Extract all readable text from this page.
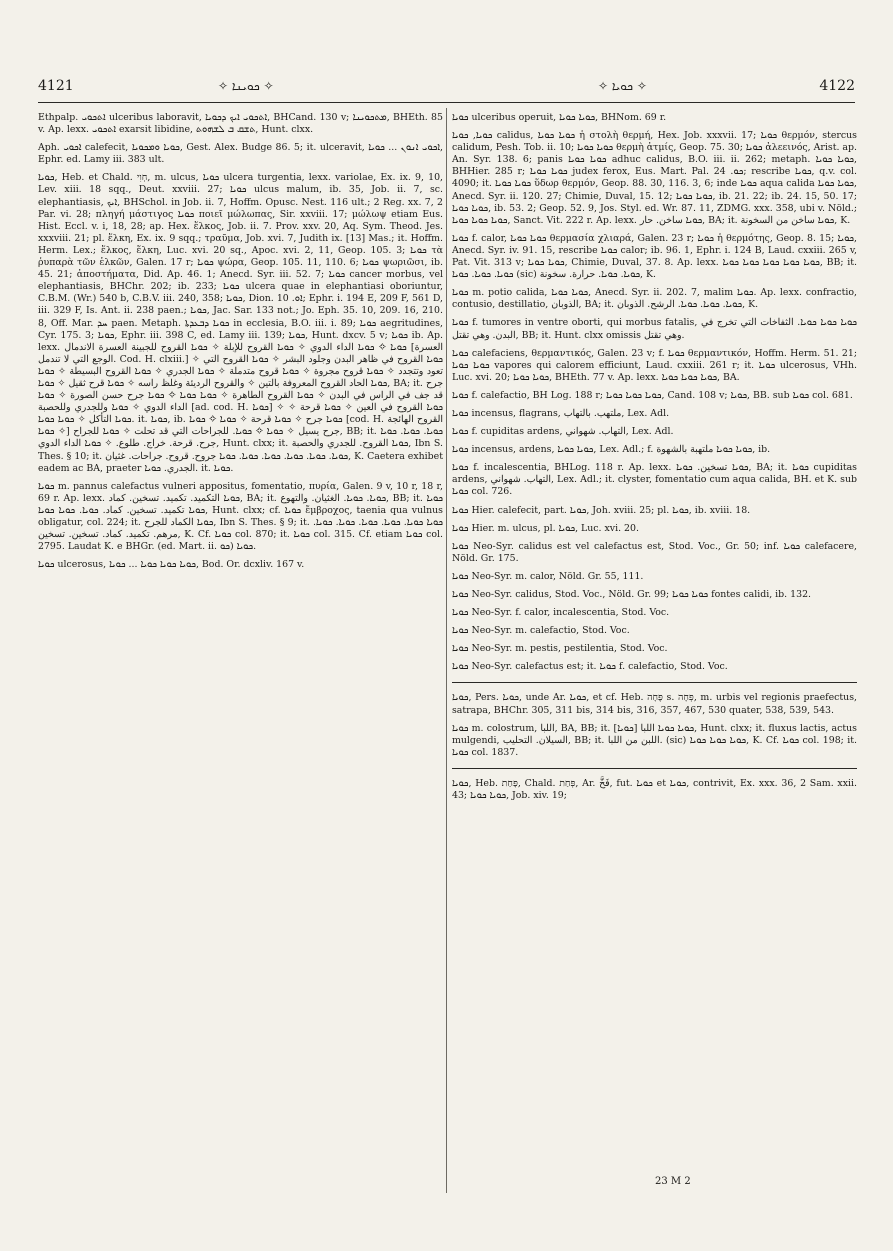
4121	✧ ܟܘܝܢܐ ✧	✧ ܟܘܝܐ ✧	4122

Ethpalp. ܐܬܟܘܝ ulceribus laboravit, ܐܬܟܘܝ ܐܝܟ ܕܟܘܝܐ, BHCand. 130 v; ܡܬܟܘܝܢܐ, BHEth. 85 v. Ap. lexx. ܐܬܟܘܝ exarsit libidine, ܬܫܩ ܒ ܠܫܗܘܬ, Hunt. clxx.

Aph. ܐܟܘܝ calefecit, ܟܘܝܐ ܘܡܟܘܝܐ, Gest. Alex. Budge 86. 5; it. ulceravit, ܐܟܘܝ ܐܢܘܢ ... ܟܘܝܐ, Ephr. ed. Lamy iii. 383 ult.

ܟܘܝܐ, Heb. et Chald. חְוִי, m. ulcus, ܟܘܝܐ ulcera turgentia, lexx. variolae, Ex. ix. 9, 10, Lev. xiii. 18 sqq., Deut. xxviii. 27; ܟܘܝܐ ulcus malum, ib. 35, Job. ii. 7, sc. elephantiasis, ܐܝܟ, BHSchol. in Job. ii. 7, Hoffm. Opusc. Nest. 116 ult.; 2 Reg. xx. 7, 2 Par. vi. 28; πληγή μάστιγος ܟܘܝܐ ποιεῖ μώλωπας, Sir. xxviii. 17; μώλωψ etiam Eus. Hist. Eccl. v. i, 18, 28; ap. Hex. ἕλκος, Job. ii. 7. Prov. xxv. 20, Aq. Sym. Theod. Jes. xxxviii. 21; pl. ἕλκη, Ex. ix. 9 sqq.; τραῦμα, Job. xvi. 7, Judith ix. [13] Mas.; it. Hoffm. Herm. Lex.; ἕλκος, ἕλκη, Luc. xvi. 20 sq., Apoc. xvi. 2, 11, Geop. 105. 3; ܟܘܝܐ τὰ ῥυπαρὰ τῶν ἑλκῶν, Galen. 17 r; ܟܘܝܐ ψώρα, Geop. 105. 11, 110. 6; ܟܘܝܐ ψωριῶσι, ib. 45. 21; ἀποστήματα, Did. Ap. 46. 1; Anecd. Syr. iii. 52. 7; ܟܘܝܐ cancer morbus, vel elephantiasis, BHChr. 202; ib. 233; ܟܘܝܐ ulcera quae in elephantiasi oboriuntur, C.B.M. (Wr.) 540 b, C.B.V. iii. 240, 358; ܟܘܝܐ, Dion. ܐܘ. 10; Ephr. i. 194 E, 209 F, 561 D, iii. 329 F, Is. Ant. ii. 238 paen.; ܟܘܝܐ, Jac. Sar. 133 not.; Jo. Eph. 35. 10, 209. 16, 210. 8, Off. Mar. ܚܕ paen. Metaph. ܟܘܝܐ ܕܒܥܕܬܐ in ecclesia, B.O. iii. i. 89; ܟܘܝܐ aegritudines, Cyr. 175. 3; ܟܘܝܐ, Ephr. iii. 398 C, ed. Lamy iii. 139; ܟܘܝܐ, Hunt. dxcv. 5 v; ܟܘܝܐ ib. Ap. lexx. ܟܘܝܐ ✧ ܟܘܝܐ الداء الدوي ✧ ܟܘܝܐ القروح للإبلة ✧ ܟܘܝܐ القروح للجبينة العسرة الاندمال [العسرة الوجع التي لا تندمل. Cod. H. clxiii.] ✧ ܟܘܝܐ القروح في ظاهر البدن وجلود البشر ✧ ܟܘܝܐ القروح التي تعود وتتجدد ✧ ܟܘܝܐ قروح مجروة ✧ ܟܘܝܐ قروح متدملة ✧ ܟܘܝܐ الجدري ✧ ܟܘܝܐ القروح البسيطة ✧ ܟܘܝܐ ܟܘܝܐ الحاد القروح المعروفة بالتين ✧ والقروح الرديئة وغلظ راسه ✧ ܟܘܝܐ قرح ثقيل ✧ ܟܘܝܐ, BA; it. جرح قد جف في الراس في البدن ✧ ܟܘܝܐ القروح الطاهرة ✧ ܟܘܝܐ ܟܘܝܐ ✧ ܟܘܝܐ جرح حسن الصورة ✧ ܟܘܝܐ الداء الدوي ✧ ܟܘܝܐ وللجدري وللحصبة [ad. cod. H. ܟܘܝܐ] ✧ ܟܘܝܐ القروح في العين ✧ ܟܘܝܐ قرحة ✧ ܟܘܝܐ التأكل ✧ ܟܘܝܐ ܟܘܝܐ. it. ܟܘܝܐ, ib. ܟܘܝܐ جرح ✧ ܟܘܝܐ قرحة ✧ ܟܘܝܐ ✧ ܟܘܝܐ [cod. H. القروح الهائجة ✧ ܟܘܝܐ] جرح يسيل ✧ ܟܘܝܐ ✧ ܟܘܝܐ. للجراحات التي قد تحلت ✧ ܟܘܝܐ للجراح, BB; it. ܟܘܝܐ. ܟܘܝܐ. ܟܘܝܐ جرح. قرحة. خراج. طلوع. ✧ ܟܘܝܐ الداء الدوي, Hunt. clxx; it. ܟܘܝܐ القروح. للجدري والحصبة, Ibn S. Thes. § 10; it. ܟܘܝܐ. ܟܘܝܐ. ܟܘܝܐ. ܟܘܝܐ. ܟܘܝܐ. ܟܘܝܐ جروح. قروح. جراحات. غثيان, K. Caetera exhibet eadem ac BA, praeter الجدري. ܟܘܝܐ. it. ܟܘܝܐ.

ܟܘܝܐ m. pannus calefactus vulneri appositus, fomentatio, πυρία, Galen. 9 v, 10 r, 18 r, 69 r. Ap. lexx. ܟܘܝܐ التكميد. تكميد. تسخين. كماد, BA; it. ܟܘܝܐ. ܟܘܝܐ. الغثيان. والتهوع, BB; it. ܟܘܝܐ ܟܘܝܐ تكميد. تسخين. كماد. ܟܘܝܐ. ܟܘܝܐ ܟܘܝܐ, Hunt. clxx; cf. ܟܘܝܐ ἔμβροχος, taenia qua vulnus obligatur, col. 224; it. ܟܘܝܐ الكماد للجرح, Ibn S. Thes. § 9; it. ܟܘܝܐ ܟܘܝܐ. ܟܘܝܐ. ܟܘܝܐ. ܟܘܝܐ. ܟܘܝܐ. مرهم. تكميد. كماد. تسخين. تسخين, K. Cf. ܟܘܝܐ col. 870; it. ܟܘܝܐ col. 315. Cf. etiam ܟܘܝܐ col. 2795. Laudat K. e BHGr. (ed. Mart. ii. ܟܘ) ܟܘܝܐ.

ܟܘܝܐ ulcerosus, ܟܘܝܐ ܟܘܝܐ ܟܘܝܐ ... ܟܘܝܐ, Bod. Or. dcxliv. 167 v.

ܟܘܝܐ ulceribus operuit, ܟܘܝܐ ܟܘܝܐ, BHNom. 69 r.

ܟܘܝܐ, ܟܘܝܐ calidus, ܟܘܝܐ ܟܘܝܐ ἡ στολὴ θερμή, Hex. Job. xxxvii. 17; ܟܘܝܐ θερμόν, stercus calidum, Pesh. Tob. ii. 10; ܟܘܝܐ ܟܘܝܐ θερμὴ ἀτμίς, Geop. 75. 30; ܟܘܝܐ ἀλεεινός, Arist. ap. An. Syr. 138. 6; panis ܟܘܝܐ ܟܘܝܐ adhuc calidus, B.O. iii. ii. 262; metaph. ܟܘܝܐ ܟܘܝܐ, BHHier. 285 r; ܟܘܝܐ ܟܘܝܐ judex ferox, Eus. Mart. Pal. ܟܘ. 24; rescribe ܟܘܝܐ, q.v. col. 4090; it. ܟܘܝܐ ܟܘܝܐ ὕδωρ θερμόν, Geop. 88. 30, 116. 3, 6; inde ܟܘܝܐ aqua calida ܟܘܝܐ ܟܘܝܐ, Anecd. Syr. ii. 120. 27; Chimie, Duval, 15. 12; ܟܘܝܐ ܟܘܝܐ, ib. 21. 22; ib. 24. 15, 50. 17; ܟܘܝܐ ܟܘܝܐ, ib. 53. 2; Geop. 52. 9, Jos. Styl. ed. Wr. 87. 11, ZDMG. xxx. 358, ubi v. Nöld.; ܟܘܝܐ ܟܘܝܐ ܟܘܝܐ, Sanct. Vit. 222 r. Ap. lexx. ܟܘܝܐ ساخن. حار, BA; it. ܟܘܝܐ ساخن من السخونة, K.

ܟܘܝܐ f. calor, ܟܘܝܐ ܟܘܝܐ θερμασία χλιαρά, Galen. 23 r; ܟܘܝܐ ἡ θερμότης, Geop. 8. 15; ܟܘܝܐ, Anecd. Syr. iv. 91. 15, rescribe ܟܘܝܐ calor; ib. 96. 1, Ephr. i. 124 B, Laud. cxxiii. 265 v, Pat. Vit. 313 v; ܟܘܝܐ ܟܘܝܐ, Chimie, Duval, 37. 8. Ap. lexx. ܟܘܝܐ ܟܘܝܐ ܟܘܝܐ ܟܘܝܐ ܟܘܝܐ, BB; it. ܟܘܝܐ. ܟܘܝܐ. ܟܘܝܐ (sic) ܟܘܝܐ. ܟܘܝܐ. حرارة. سخونة, K.

ܟܘܝܐ m. potio calida, ܟܘܝܐ ܟܘܝܐ, Anecd. Syr. ii. 202. 7, malim ܟܘܝܐ. Ap. lexx. confractio, contusio, destillatio, الذوبان, BA; it. ܟܘܝܐ. ܟܘܝܐ. ܟܘܝܐ. الرشح. الذوبان, K.

ܟܘܝܐ f. tumores in ventre oborti, qui morbus fatalis, ܟܘܝܐ ܟܘܝܐ ܟܘܝܐ. الثفاخات التي تخرج في البدن. وهي تقتل, BB; it. Hunt. clxx omissis وهي تقتل.

ܟܘܝܐ calefaciens, θερμαντικός, Galen. 23 v; f. ܟܘܝܐ θερμαντικόν, Hoffm. Herm. 51. 21; ܟܘܝܐ ܟܘܝܐ vapores qui calorem efficiunt, Laud. cxxiii. 261 r; it. ܟܘܝܐ ulcerosus, VHh. Luc. xvi. 20; ܟܘܝܐ ܟܘܝܐ, BHEth. 77 v. Ap. lexx. ܟܘܝܐ ܟܘܝܐ ܟܘܝܐ, BA.

ܟܘܝܐ f. calefactio, BH Log. 188 r; ܟܘܝܐ ܟܘܝܐ ܟܘܝܐ, Cand. 108 v; ܟܘܝܐ, BB. sub ܟܘܝܐ col. 681.

ܟܘܝܐ incensus, flagrans, ملتهب. بالتهاب, Lex. Adl.

ܟܘܝܐ f. cupiditas ardens, التهاب. شهواني, Lex. Adl.

ܟܘܝܐ incensus, ardens, ܟܘܝܐ ܟܘܝܐ, Lex. Adl.; f. ܟܘܝܐ ܟܘܝܐ ملتهبة بالشهوة, ib.

ܟܘܝܐ f. incalescentia, BHLog. 118 r. Ap. lexx. ܟܘܝܐ تسخين. ܟܘܝܐ, BA; it. ܟܘܝܐ cupiditas ardens, التهاب. شهواني, Lex. Adl.; it. clyster, fomentatio cum aqua calida, BH. et K. sub ܟܘܝܐ col. 726.

ܟܘܝܐ Hier. calefecit, part. ܟܘܝܐ, Joh. xviii. 25; pl. ܟܘܝܐ, ib. xviii. 18.

ܟܘܝܐ Hier. m. ulcus, pl. ܟܘܝܐ, Luc. xvi. 20.

ܟܘܝܐ Neo-Syr. calidus est vel calefactus est, Stod. Voc., Gr. 50; inf. ܟܘܝܐ calefacere, Nöld. Gr. 175.

ܟܘܝܐ Neo-Syr. m. calor, Nöld. Gr. 55, 111.

ܟܘܝܐ Neo-Syr. calidus, Stod. Voc., Nöld. Gr. 99; ܟܘܝܐ ܟܘܝܐ fontes calidi, ib. 132.

ܟܘܝܐ Neo-Syr. f. calor, incalescentia, Stod. Voc.

ܟܘܝܐ Neo-Syr. m. calefactio, Stod. Voc.

ܟܘܝܐ Neo-Syr. m. pestis, pestilentia, Stod. Voc.

ܟܘܝܐ Neo-Syr. calefactus est; it. ܟܘܝܐ f. calefactio, Stod. Voc.

ܟܘܝܐ, Pers. ܟܘܝܐ, unde Ar. ܟܘܝܐ, et cf. Heb. פֶּחָה s. פְּחָה, m. urbis vel regionis praefectus, satrapa, BHChr. 305, 311 bis, 314 bis, 316, 357, 467, 530 quater, 538, 539, 543.

ܟܘܝܐ m. colostrum, اللبا, BA, BB; it. ܟܘܝܐ ܟܘܝܐ اللبا [ܟܘܝܐ], Hunt. clxx; it. fluxus lactis, actus mulgendi, السيلان. التحليب, BB; it. اللبن من اللبا. (sic) ܟܘܝܐ ܟܘܝܐ ܟܘܝܐ, K. Cf. ܟܘܝܐ col. 198; it. ܟܘܝܐ col. 1837.

ܟܘܝܐ, Heb. פָּחַת, Chald. פְּחַת, Ar. فَخَّ, fut. ܟܘܝܐ et ܟܘܝܐ, contrivit, Ex. xxx. 36, 2 Sam. xxii. 43; ܟܘܝܐ ܟܘܝܐ, Job. xiv. 19;

23 M 2
